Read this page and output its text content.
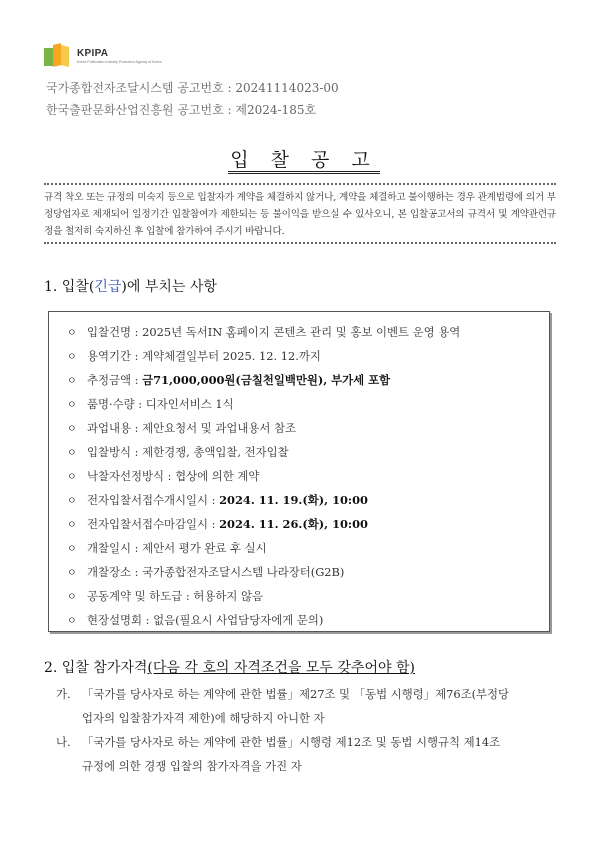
KPIPA
Korea Publication Industry Promotion Agency of Korea
국가종합전자조달시스템 공고번호 : 20241114023-00
한국출판문화산업진흥원 공고번호 : 제2024-185호
입찰공고
규격 착오 또는 규정의 미숙지 등으로 입찰자가 계약을 체결하지 않거나, 계약을 체결하고 불이행하는 경우 관계법령에 의거 부정당업자로 제재되어 일정기간 입찰참여가 제한되는 등 불이익을 받으실 수 있사오니, 본 입찰공고서의 규격서 및 계약관련규정을 철저히 숙지하신 후 입찰에 참가하여 주시기 바랍니다.
1. 입찰(긴급)에 부치는 사항
ㅇ 입찰건명 : 2025년 독서IN 홈페이지 콘텐츠 관리 및 홍보 이벤트 운영 용역
ㅇ 용역기간 : 계약체결일부터 2025. 12. 12.까지
ㅇ 추정금액 : 금71,000,000원(금칠천일백만원), 부가세 포함
ㅇ 품명·수량 : 디자인서비스 1식
ㅇ 과업내용 : 제안요청서 및 과업내용서 참조
ㅇ 입찰방식 : 제한경쟁, 총액입찰, 전자입찰
ㅇ 낙찰자선정방식 : 협상에 의한 계약
ㅇ 전자입찰서접수개시일시 : 2024. 11. 19.(화), 10:00
ㅇ 전자입찰서접수마감일시 : 2024. 11. 26.(화), 10:00
ㅇ 개찰일시 : 제안서 평가 완료 후 실시
ㅇ 개찰장소 : 국가종합전자조달시스템 나라장터(G2B)
ㅇ 공동계약 및 하도급 : 허용하지 않음
ㅇ 현장설명회 : 없음(필요시 사업담당자에게 문의)
2. 입찰 참가자격(다음 각 호의 자격조건을 모두 갖추어야 함)
가. 「국가를 당사자로 하는 계약에 관한 법률」제27조 및 「동법 시행령」제76조(부정당
업자의 입찰참가자격 제한)에 해당하지 아니한 자
나. 「국가를 당사자로 하는 계약에 관한 법률」시행령 제12조 및 동법 시행규칙 제14조
규정에 의한 경쟁 입찰의 참가자격을 가진 자
